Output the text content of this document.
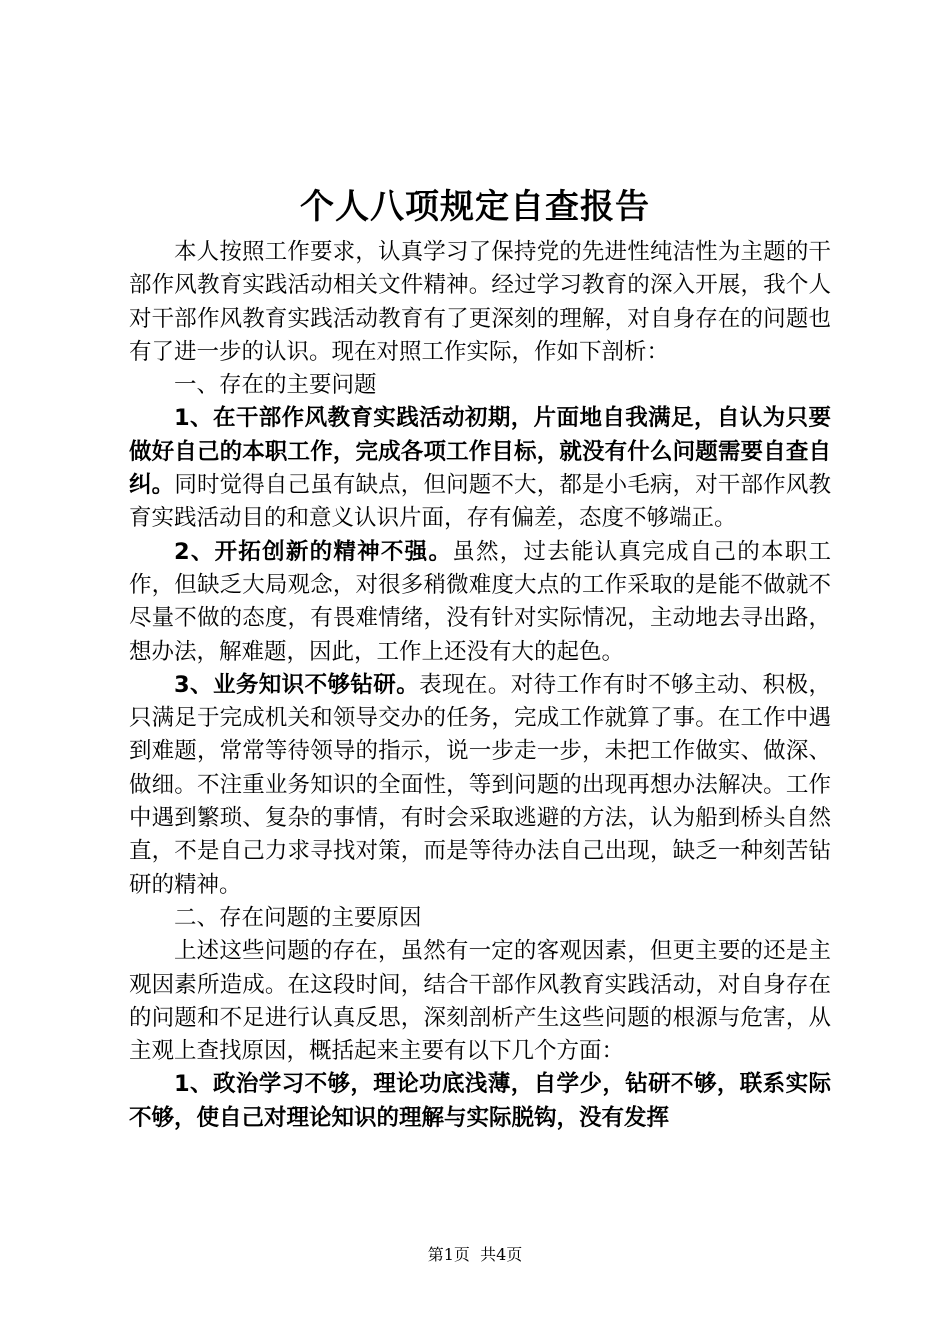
个人八项规定自查报告

本人按照工作要求，认真学习了保持党的先进性纯洁性为主题的干部作风教育实践活动相关文件精神。经过学习教育的深入开展，我个人对干部作风教育实践活动教育有了更深刻的理解，对自身存在的问题也有了进一步的认识。现在对照工作实际，作如下剖析：

一、存在的主要问题

1、在干部作风教育实践活动初期，片面地自我满足，自认为只要做好自己的本职工作，完成各项工作目标，就没有什么问题需要自查自纠。同时觉得自己虽有缺点，但问题不大，都是小毛病，对干部作风教育实践活动目的和意义认识片面，存有偏差，态度不够端正。

2、开拓创新的精神不强。虽然，过去能认真完成自己的本职工作，但缺乏大局观念，对很多稍微难度大点的工作采取的是能不做就不尽量不做的态度，有畏难情绪，没有针对实际情况，主动地去寻出路，想办法，解难题，因此，工作上还没有大的起色。

3、业务知识不够钻研。表现在。对待工作有时不够主动、积极，只满足于完成机关和领导交办的任务，完成工作就算了事。在工作中遇到难题，常常等待领导的指示，说一步走一步，未把工作做实、做深、做细。不注重业务知识的全面性，等到问题的出现再想办法解决。工作中遇到繁琐、复杂的事情，有时会采取逃避的方法，认为船到桥头自然直，不是自己力求寻找对策，而是等待办法自己出现，缺乏一种刻苦钻研的精神。

二、存在问题的主要原因

上述这些问题的存在，虽然有一定的客观因素，但更主要的还是主观因素所造成。在这段时间，结合干部作风教育实践活动，对自身存在的问题和不足进行认真反思，深刻剖析产生这些问题的根源与危害，从主观上查找原因，概括起来主要有以下几个方面：

1、政治学习不够，理论功底浅薄，自学少，钻研不够，联系实际不够，使自己对理论知识的理解与实际脱钩，没有发挥

第1页  共4页
